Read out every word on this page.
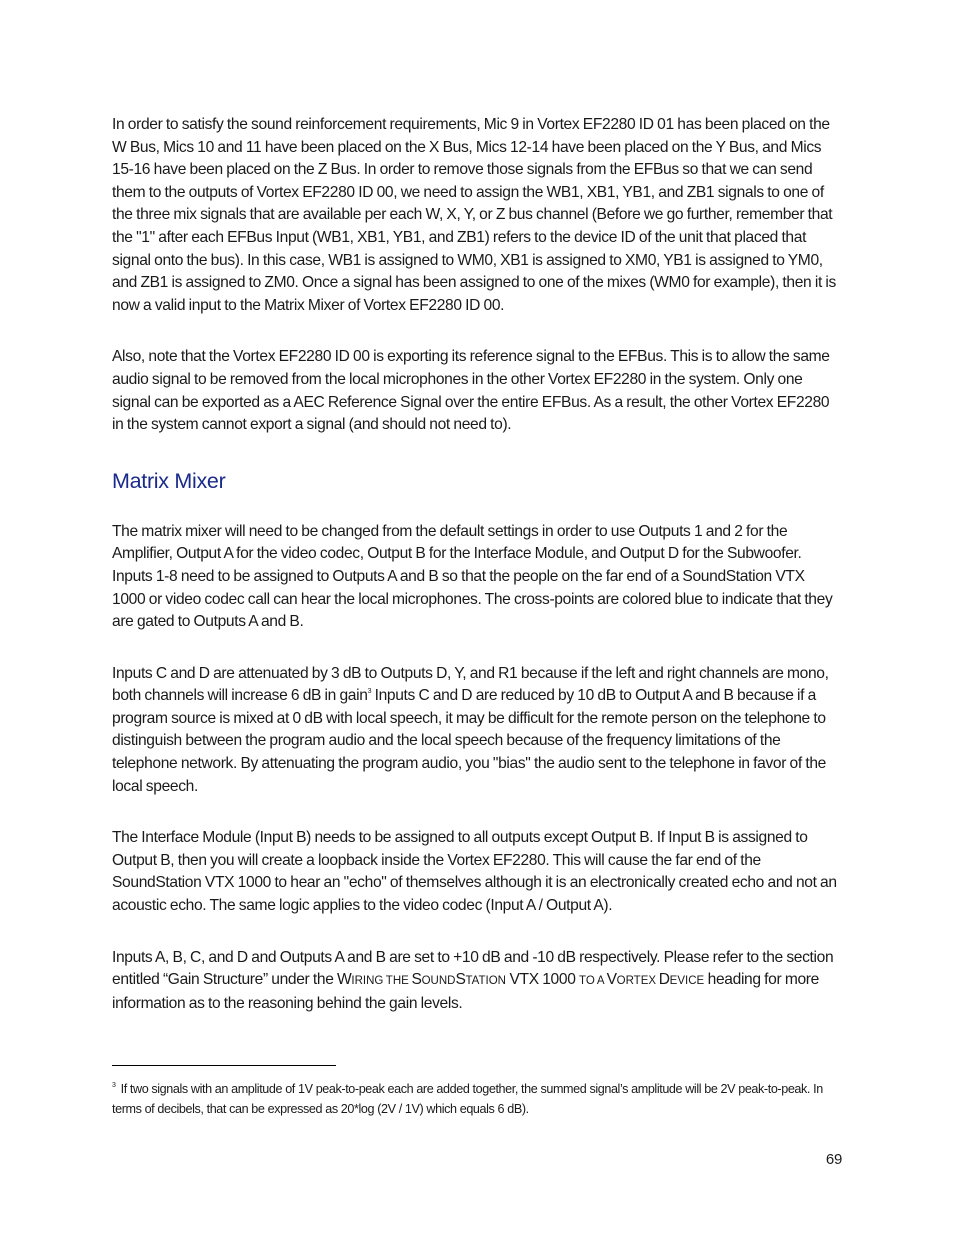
In order to satisfy the sound reinforcement requirements, Mic 9 in Vortex EF2280 ID 01 has been placed on the W Bus, Mics 10 and 11 have been placed on the X Bus, Mics 12-14 have been placed on the Y Bus, and Mics 15-16 have been placed on the Z Bus. In order to remove those signals from the EFBus so that we can send them to the outputs of Vortex EF2280 ID 00, we need to assign the WB1, XB1, YB1, and ZB1 signals to one of the three mix signals that are available per each W, X, Y, or Z bus channel (Before we go further, remember that the "1" after each EFBus Input (WB1, XB1, YB1, and ZB1) refers to the device ID of the unit that placed that signal onto the bus). In this case, WB1 is assigned to WM0, XB1 is assigned to XM0, YB1 is assigned to YM0, and ZB1 is assigned to ZM0. Once a signal has been assigned to one of the mixes (WM0 for example), then it is now a valid input to the Matrix Mixer of Vortex EF2280 ID 00.

Also, note that the Vortex EF2280 ID 00 is exporting its reference signal to the EFBus. This is to allow the same audio signal to be removed from the local microphones in the other Vortex EF2280 in the system. Only one signal can be exported as a AEC Reference Signal over the entire EFBus. As a result, the other Vortex EF2280 in the system cannot export a signal (and should not need to).

Matrix Mixer

The matrix mixer will need to be changed from the default settings in order to use Outputs 1 and 2 for the Amplifier, Output A for the video codec, Output B for the Interface Module, and Output D for the Subwoofer. Inputs 1-8 need to be assigned to Outputs A and B so that the people on the far end of a SoundStation VTX 1000 or video codec call can hear the local microphones. The cross-points are colored blue to indicate that they are gated to Outputs A and B.

Inputs C and D are attenuated by 3 dB to Outputs D, Y, and R1 because if the left and right channels are mono, both channels will increase 6 dB in gain$^3$ Inputs C and D are reduced by 10 dB to Output A and B because if a program source is mixed at 0 dB with local speech, it may be difficult for the remote person on the telephone to distinguish between the program audio and the local speech because of the frequency limitations of the telephone network. By attenuating the program audio, you "bias" the audio sent to the telephone in favor of the local speech.

The Interface Module (Input B) needs to be assigned to all outputs except Output B. If Input B is assigned to Output B, then you will create a loopback inside the Vortex EF2280. This will cause the far end of the SoundStation VTX 1000 to hear an "echo" of themselves although it is an electronically created echo and not an acoustic echo. The same logic applies to the video codec (Input A / Output A).

Inputs A, B, C, and D and Outputs A and B are set to +10 dB and -10 dB respectively. Please refer to the section entitled “Gain Structure” under the WIRING THE SOUNDSTATION VTX 1000 TO A VORTEX DEVICE heading for more information as to the reasoning behind the gain levels.

$^3$ If two signals with an amplitude of 1V peak-to-peak each are added together, the summed signal’s amplitude will be 2V peak-to-peak. In terms of decibels, that can be expressed as 20*log (2V / 1V) which equals 6 dB).

69
